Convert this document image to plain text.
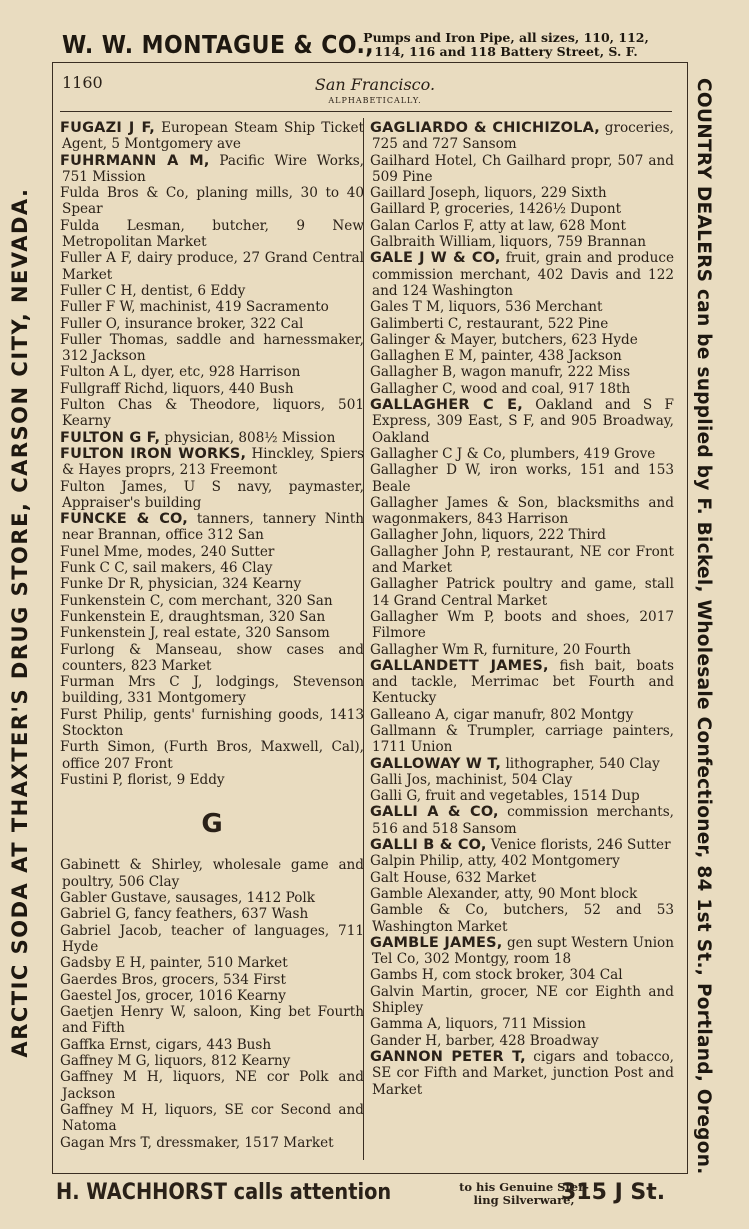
W. W. MONTAGUE & CO.,
Pumps and Iron Pipe, all sizes, 110, 112,
114, 116 and 118 Battery Street, S. F.
ARCTIC SODA AT THAXTER'S DRUG STORE, CARSON CITY, NEVADA.	COUNTRY DEALERS can be supplied by F. Bickel, Wholesale Confectioner, 84 1st St., Portland, Oregon.
1160	San Francisco.
ALPHABETICALLY.
FUGAZI J F, European Steam Ship Ticket Agent, 5 Montgomery ave
FUHRMANN A M, Pacific Wire Works, 751 Mission
Fulda Bros & Co, planing mills, 30 to 40 Spear
Fulda Lesman, butcher, 9 New Metropolitan Market
Fuller A F, dairy produce, 27 Grand Central Market
Fuller C H, dentist, 6 Eddy
Fuller F W, machinist, 419 Sacramento
Fuller O, insurance broker, 322 Cal
Fuller Thomas, saddle and harnessmaker, 312 Jackson
Fulton A L, dyer, etc, 928 Harrison
Fullgraff Richd, liquors, 440 Bush
Fulton Chas & Theodore, liquors, 501 Kearny
FULTON G F, physician, 808½ Mission
FULTON IRON WORKS, Hinckley, Spiers & Hayes proprs, 213 Freemont
Fulton James, U S navy, paymaster, Appraiser's building
FUNCKE & CO, tanners, tannery Ninth near Brannan, office 312 San
Funel Mme, modes, 240 Sutter
Funk C C, sail makers, 46 Clay
Funke Dr R, physician, 324 Kearny
Funkenstein C, com merchant, 320 San
Funkenstein E, draughtsman, 320 San
Funkenstein J, real estate, 320 Sansom
Furlong & Manseau, show cases and counters, 823 Market
Furman Mrs C J, lodgings, Stevenson building, 331 Montgomery
Furst Philip, gents' furnishing goods, 1413 Stockton
Furth Simon, (Furth Bros, Maxwell, Cal), office 207 Front
Fustini P, florist, 9 Eddy
G
Gabinett & Shirley, wholesale game and poultry, 506 Clay
Gabler Gustave, sausages, 1412 Polk
Gabriel G, fancy feathers, 637 Wash
Gabriel Jacob, teacher of languages, 711 Hyde
Gadsby E H, painter, 510 Market
Gaerdes Bros, grocers, 534 First
Gaestel Jos, grocer, 1016 Kearny
Gaetjen Henry W, saloon, King bet Fourth and Fifth
Gaffka Ernst, cigars, 443 Bush
Gaffney M G, liquors, 812 Kearny
Gaffney M H, liquors, NE cor Polk and Jackson
Gaffney M H, liquors, SE cor Second and Natoma
Gagan Mrs T, dressmaker, 1517 Market
GAGLIARDO & CHICHIZOLA, groceries, 725 and 727 Sansom
Gailhard Hotel, Ch Gailhard propr, 507 and 509 Pine
Gaillard Joseph, liquors, 229 Sixth
Gaillard P, groceries, 1426½ Dupont
Galan Carlos F, atty at law, 628 Mont
Galbraith William, liquors, 759 Brannan
GALE J W & CO, fruit, grain and produce commission merchant, 402 Davis and 122 and 124 Washington
Gales T M, liquors, 536 Merchant
Galimberti C, restaurant, 522 Pine
Galinger & Mayer, butchers, 623 Hyde
Gallaghen E M, painter, 438 Jackson
Gallagher B, wagon manufr, 222 Miss
Gallagher C, wood and coal, 917 18th
GALLAGHER C E, Oakland and S F Express, 309 East, S F, and 905 Broadway, Oakland
Gallagher C J & Co, plumbers, 419 Grove
Gallagher D W, iron works, 151 and 153 Beale
Gallagher James & Son, blacksmiths and wagonmakers, 843 Harrison
Gallagher John, liquors, 222 Third
Gallagher John P, restaurant, NE cor Front and Market
Gallagher Patrick poultry and game, stall 14 Grand Central Market
Gallagher Wm P, boots and shoes, 2017 Filmore
Gallagher Wm R, furniture, 20 Fourth
GALLANDETT JAMES, fish bait, boats and tackle, Merrimac bet Fourth and Kentucky
Galleano A, cigar manufr, 802 Montgy
Gallmann & Trumpler, carriage painters, 1711 Union
GALLOWAY W T, lithographer, 540 Clay
Galli Jos, machinist, 504 Clay
Galli G, fruit and vegetables, 1514 Dup
GALLI A & CO, commission merchants, 516 and 518 Sansom
GALLI B & CO, Venice florists, 246 Sutter
Galpin Philip, atty, 402 Montgomery
Galt House, 632 Market
Gamble Alexander, atty, 90 Mont block
Gamble & Co, butchers, 52 and 53 Washington Market
GAMBLE JAMES, gen supt Western Union Tel Co, 302 Montgy, room 18
Gambs H, com stock broker, 304 Cal
Galvin Martin, grocer, NE cor Eighth and Shipley
Gamma A, liquors, 711 Mission
Gander H, barber, 428 Broadway
GANNON PETER T, cigars and tobacco, SE cor Fifth and Market, junction Post and Market
H. WACHHORST calls attention	to his Genuine Ster-
ling Silverware,
315 J St.
